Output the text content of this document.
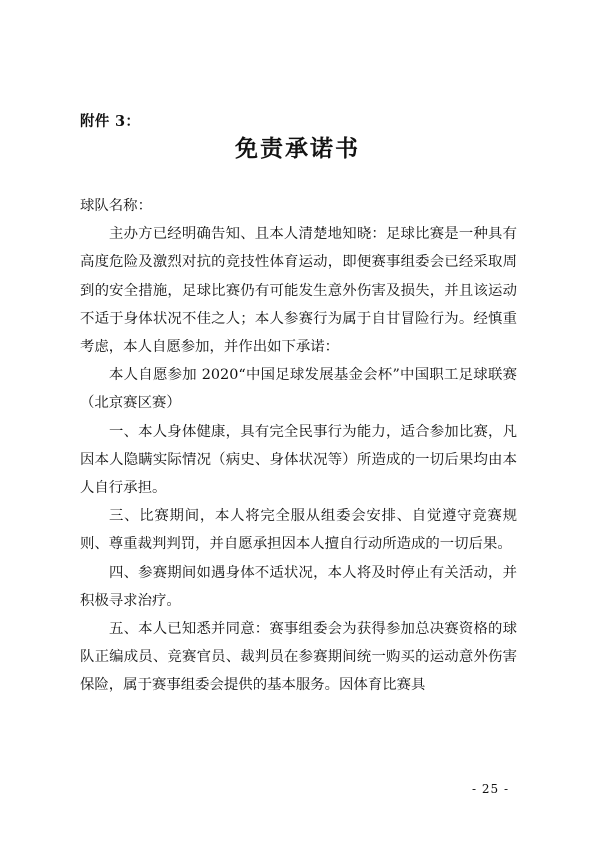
附件 3：
免责承诺书

球队名称：

主办方已经明确告知、且本人清楚地知晓：足球比赛是一种具有高度危险及激烈对抗的竞技性体育运动，即便赛事组委会已经采取周到的安全措施，足球比赛仍有可能发生意外伤害及损失，并且该运动不适于身体状况不佳之人；本人参赛行为属于自甘冒险行为。经慎重考虑，本人自愿参加，并作出如下承诺：

本人自愿参加 2020“中国足球发展基金会杯”中国职工足球联赛（北京赛区赛）

一、本人身体健康，具有完全民事行为能力，适合参加比赛，凡因本人隐瞒实际情况（病史、身体状况等）所造成的一切后果均由本人自行承担。

三、比赛期间，本人将完全服从组委会安排、自觉遵守竞赛规则、尊重裁判判罚，并自愿承担因本人擅自行动所造成的一切后果。

四、参赛期间如遇身体不适状况，本人将及时停止有关活动，并积极寻求治疗。

五、本人已知悉并同意：赛事组委会为获得参加总决赛资格的球队正编成员、竞赛官员、裁判员在参赛期间统一购买的运动意外伤害保险，属于赛事组委会提供的基本服务。因体育比赛具

- 25 -
